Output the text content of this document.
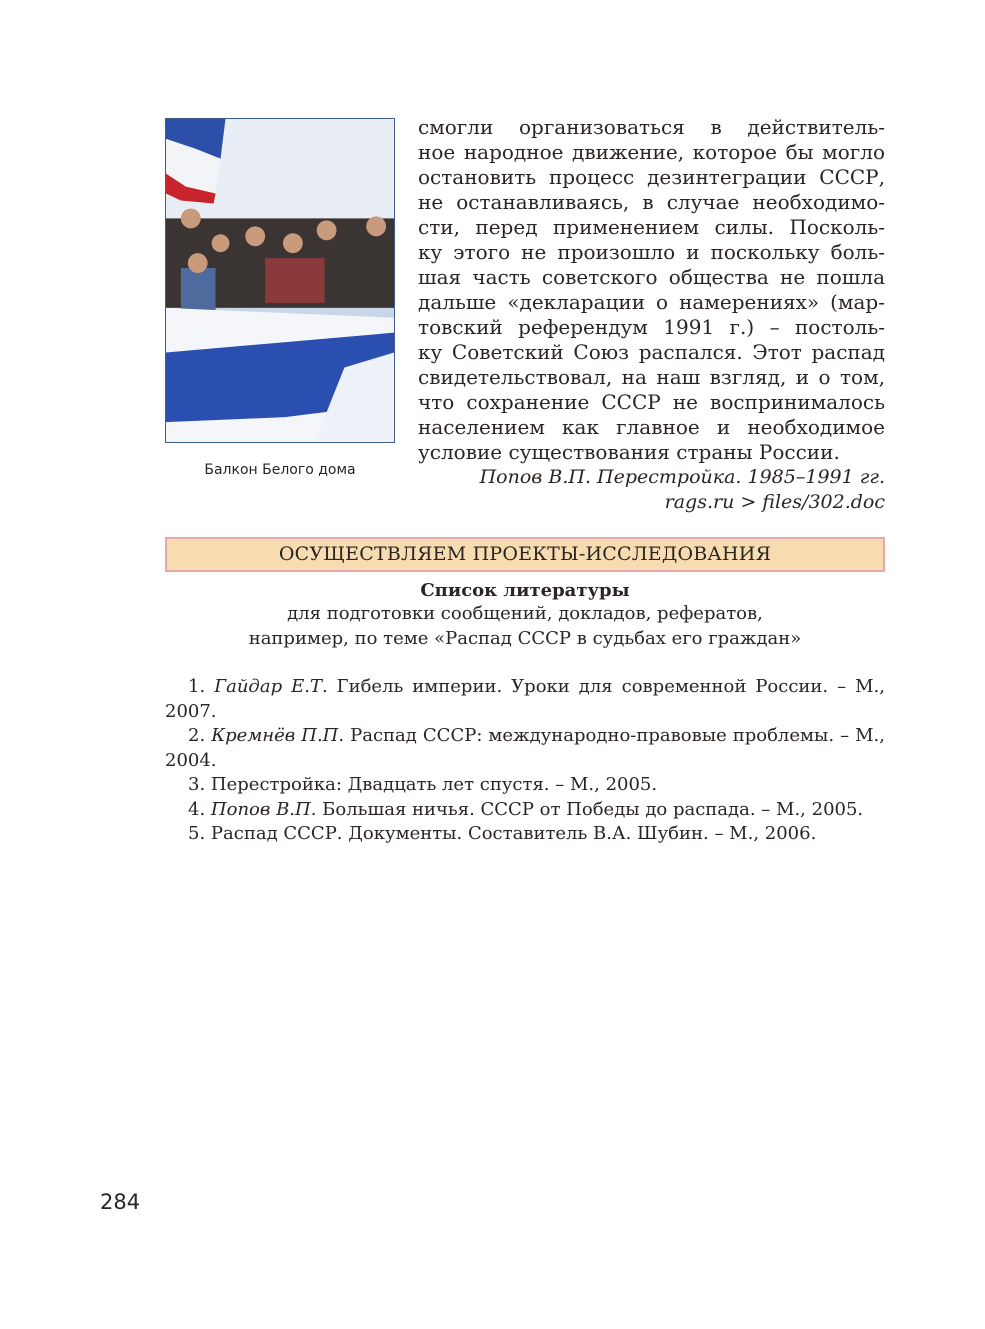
Балкон Белого дома
смогли организоваться в действитель-
ное народное движение, которое бы могло
остановить процесс дезинтеграции СССР,
не останавливаясь, в случае необходимо-
сти, перед применением силы. Посколь-
ку этого не произошло и поскольку боль-
шая часть советского общества не пошла
дальше «декларации о намерениях» (мар-
товский референдум 1991 г.) – постоль-
ку Советский Союз распался. Этот распад
свидетельствовал, на наш взгляд, и о том,
что сохранение СССР не воспринималось
населением как главное и необходимое
условие существования страны России.
Попов В.П. Перестройка. 1985–1991 гг.
rags.ru > files/302.doc
ОСУЩЕСТВЛЯЕМ ПРОЕКТЫ-ИССЛЕДОВАНИЯ
Список литературы
для подготовки сообщений, докладов, рефератов,
например, по теме «Распад СССР в судьбах его граждан»
1. Гайдар Е.Т. Гибель империи. Уроки для современной России. – М., 2007.
2. Кремнёв П.П. Распад СССР: международно-правовые проблемы. – М., 2004.
3. Перестройка: Двадцать лет спустя. – М., 2005.
4. Попов В.П. Большая ничья. СССР от Победы до распада. – М., 2005.
5. Распад СССР. Документы. Составитель В.А. Шубин. – М., 2006.
284
